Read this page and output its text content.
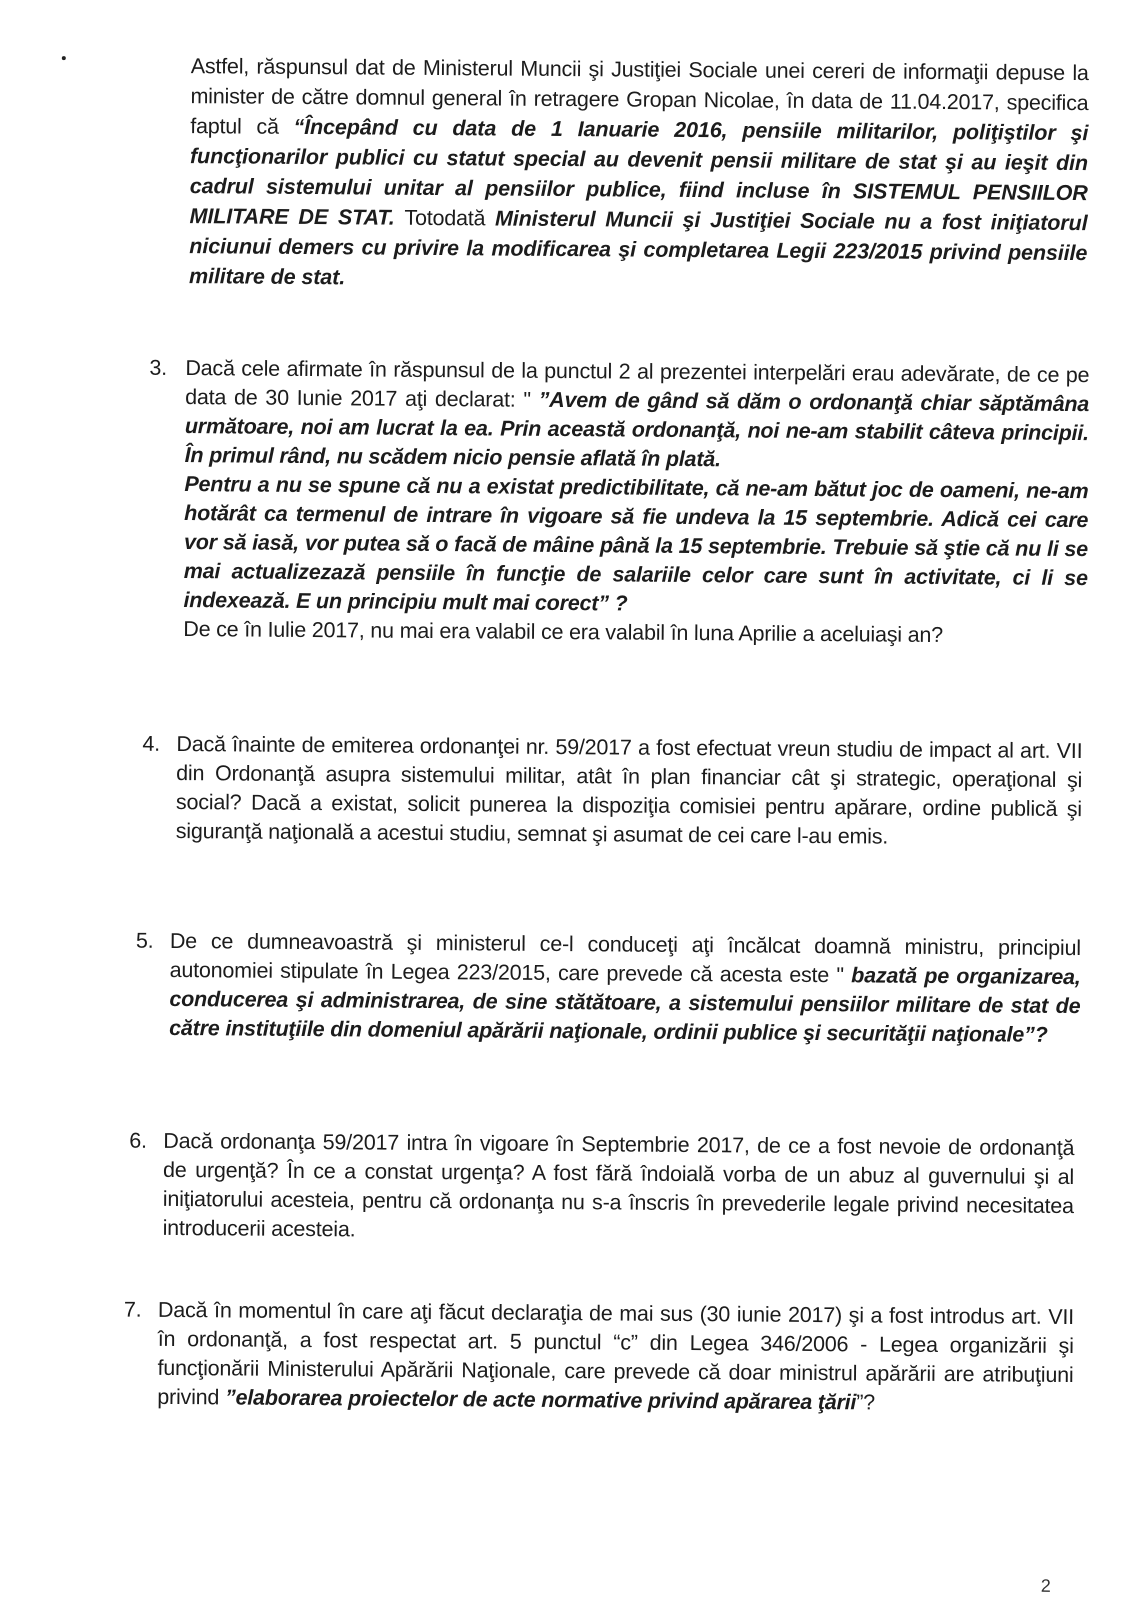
Astfel, răspunsul dat de Ministerul Muncii şi Justiţiei Sociale unei cereri de informaţii depuse la minister de către domnul general în retragere Gropan Nicolae, în data de 11.04.2017, specifica faptul că “Începând cu data de 1 Ianuarie 2016, pensiile militarilor, poliţiştilor şi funcţionarilor publici cu statut special au devenit pensii militare de stat şi au ieşit din cadrul sistemului unitar al pensiilor publice, fiind incluse în SISTEMUL PENSIILOR MILITARE DE STAT. Totodată Ministerul Muncii şi Justiţiei Sociale nu a fost iniţiatorul niciunui demers cu privire la modificarea şi completarea Legii 223/2015 privind pensiile militare de stat.
3. Dacă cele afirmate în răspunsul de la punctul 2 al prezentei interpelări erau adevărate, de ce pe data de 30 Iunie 2017 aţi declarat: " ”Avem de gând să dăm o ordonanţă chiar săptămâna următoare, noi am lucrat la ea. Prin această ordonanţă, noi ne-am stabilit câteva principii. În primul rând, nu scădem nicio pensie aflată în plată.
Pentru a nu se spune că nu a existat predictibilitate, că ne-am bătut joc de oameni, ne-am hotărât ca termenul de intrare în vigoare să fie undeva la 15 septembrie. Adică cei care vor să iasă, vor putea să o facă de mâine până la 15 septembrie. Trebuie să ştie că nu li se mai actualizezază pensiile în funcţie de salariile celor care sunt în activitate, ci li se indexează. E un principiu mult mai corect” ?
De ce în Iulie 2017, nu mai era valabil ce era valabil în luna Aprilie a aceluiaşi an?
4. Dacă înainte de emiterea ordonanţei nr. 59/2017 a fost efectuat vreun studiu de impact al art. VII din Ordonanţă asupra sistemului militar, atât în plan financiar cât şi strategic, operaţional şi social? Dacă a existat, solicit punerea la dispoziţia comisiei pentru apărare, ordine publică şi siguranţă naţională a acestui studiu, semnat şi asumat de cei care l-au emis.
5. De ce dumneavoastră şi ministerul ce-l conduceţi aţi încălcat doamnă ministru, principiul autonomiei stipulate în Legea 223/2015, care prevede că acesta este " bazată pe organizarea, conducerea şi administrarea, de sine stătătoare, a sistemului pensiilor militare de stat de către instituţiile din domeniul apărării naţionale, ordinii publice şi securităţii naţionale”?
6. Dacă ordonanţa 59/2017 intra în vigoare în Septembrie 2017, de ce a fost nevoie de ordonanţă de urgenţă? În ce a constat urgenţa? A fost fără îndoială vorba de un abuz al guvernului şi al iniţiatorului acesteia, pentru că ordonanţa nu s-a înscris în prevederile legale privind necesitatea introducerii acesteia.
7. Dacă în momentul în care aţi făcut declaraţia de mai sus (30 iunie 2017) şi a fost introdus art. VII în ordonanţă, a fost respectat art. 5 punctul “c” din Legea 346/2006 - Legea organizării şi funcţionării Ministerului Apărării Naţionale, care prevede că doar ministrul apărării are atribuţiuni privind ”elaborarea proiectelor de acte normative privind apărarea ţării”?
2
